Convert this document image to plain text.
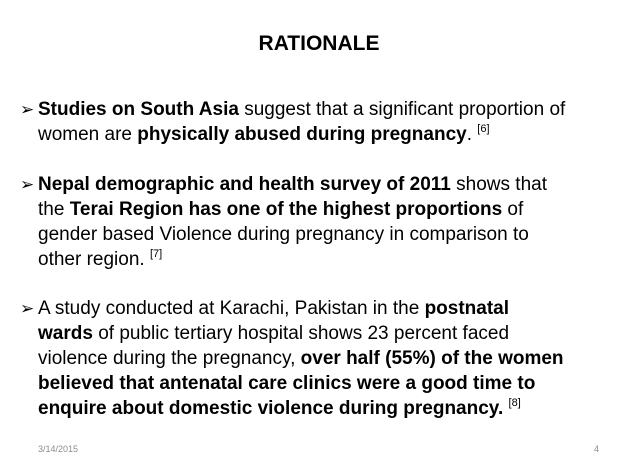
RATIONALE
➢ Studies on South Asia suggest that a significant proportion of
women are physically abused during pregnancy. [6]
➢ Nepal demographic and health survey of 2011 shows that
the Terai Region has one of the highest proportions of
gender based Violence during pregnancy in comparison to
other region. [7]
➢ A study conducted at Karachi, Pakistan in the postnatal
wards of public tertiary hospital shows 23 percent faced
violence during the pregnancy, over half (55%) of the women
believed that antenatal care clinics were a good time to
enquire about domestic violence during pregnancy. [8]
3/14/2015	4
